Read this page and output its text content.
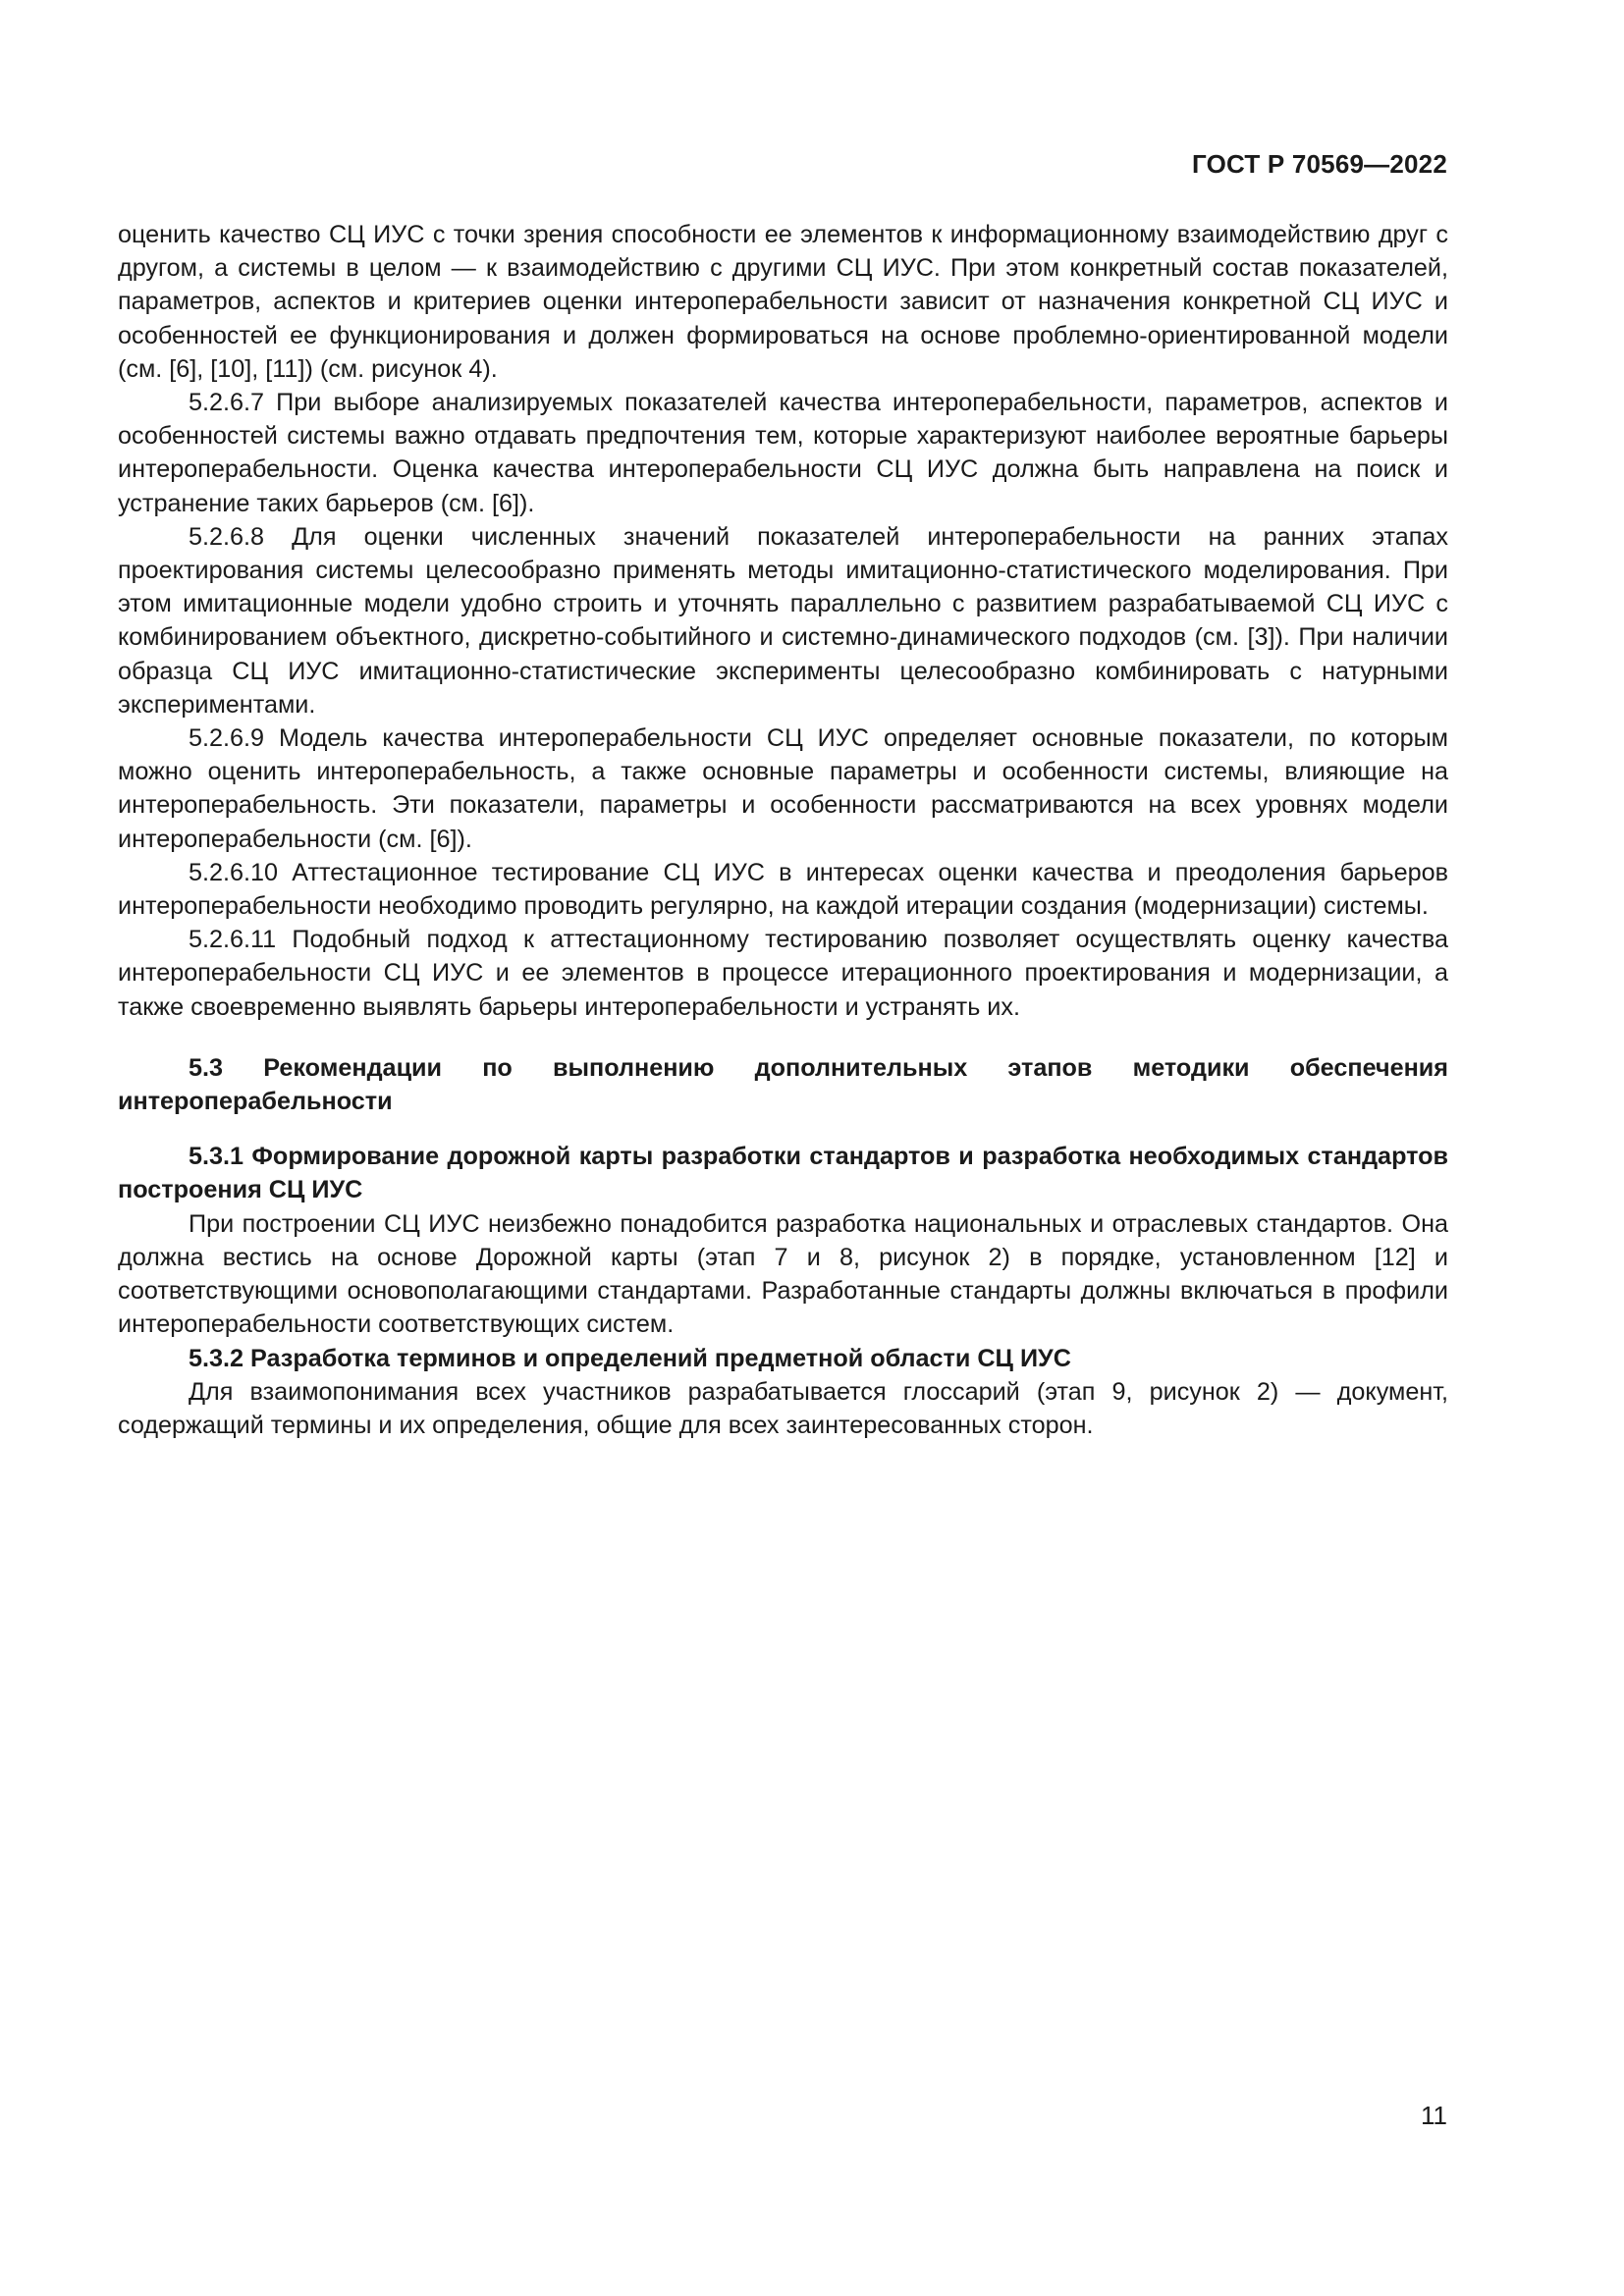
ГОСТ Р 70569—2022

оценить качество СЦ ИУС с точки зрения способности ее элементов к информационному взаимодействию друг с другом, а системы в целом — к взаимодействию с другими СЦ ИУС. При этом конкретный состав показателей, параметров, аспектов и критериев оценки интероперабельности зависит от назначения конкретной СЦ ИУС и особенностей ее функционирования и должен формироваться на основе проблемно-ориентированной модели (см. [6], [10], [11]) (см. рисунок 4).

5.2.6.7 При выборе анализируемых показателей качества интероперабельности, параметров, аспектов и особенностей системы важно отдавать предпочтения тем, которые характеризуют наиболее вероятные барьеры интероперабельности. Оценка качества интероперабельности СЦ ИУС должна быть направлена на поиск и устранение таких барьеров (см. [6]).

5.2.6.8 Для оценки численных значений показателей интероперабельности на ранних этапах проектирования системы целесообразно применять методы имитационно-статистического моделирования. При этом имитационные модели удобно строить и уточнять параллельно с развитием разрабатываемой СЦ ИУС с комбинированием объектного, дискретно-событийного и системно-динамического подходов (см. [3]). При наличии образца СЦ ИУС имитационно-статистические эксперименты целесообразно комбинировать с натурными экспериментами.

5.2.6.9 Модель качества интероперабельности СЦ ИУС определяет основные показатели, по которым можно оценить интероперабельность, а также основные параметры и особенности системы, влияющие на интероперабельность. Эти показатели, параметры и особенности рассматриваются на всех уровнях модели интероперабельности (см. [6]).

5.2.6.10 Аттестационное тестирование СЦ ИУС в интересах оценки качества и преодоления барьеров интероперабельности необходимо проводить регулярно, на каждой итерации создания (модернизации) системы.

5.2.6.11 Подобный подход к аттестационному тестированию позволяет осуществлять оценку качества интероперабельности СЦ ИУС и ее элементов в процессе итерационного проектирования и модернизации, а также своевременно выявлять барьеры интероперабельности и устранять их.

5.3 Рекомендации по выполнению дополнительных этапов методики обеспечения интероперабельности

5.3.1 Формирование дорожной карты разработки стандартов и разработка необходимых стандартов построения СЦ ИУС

При построении СЦ ИУС неизбежно понадобится разработка национальных и отраслевых стандартов. Она должна вестись на основе Дорожной карты (этап 7 и 8, рисунок 2) в порядке, установленном [12] и соответствующими основополагающими стандартами. Разработанные стандарты должны включаться в профили интероперабельности соответствующих систем.

5.3.2 Разработка терминов и определений предметной области СЦ ИУС

Для взаимопонимания всех участников разрабатывается глоссарий (этап 9, рисунок 2) — документ, содержащий термины и их определения, общие для всех заинтересованных сторон.

11
